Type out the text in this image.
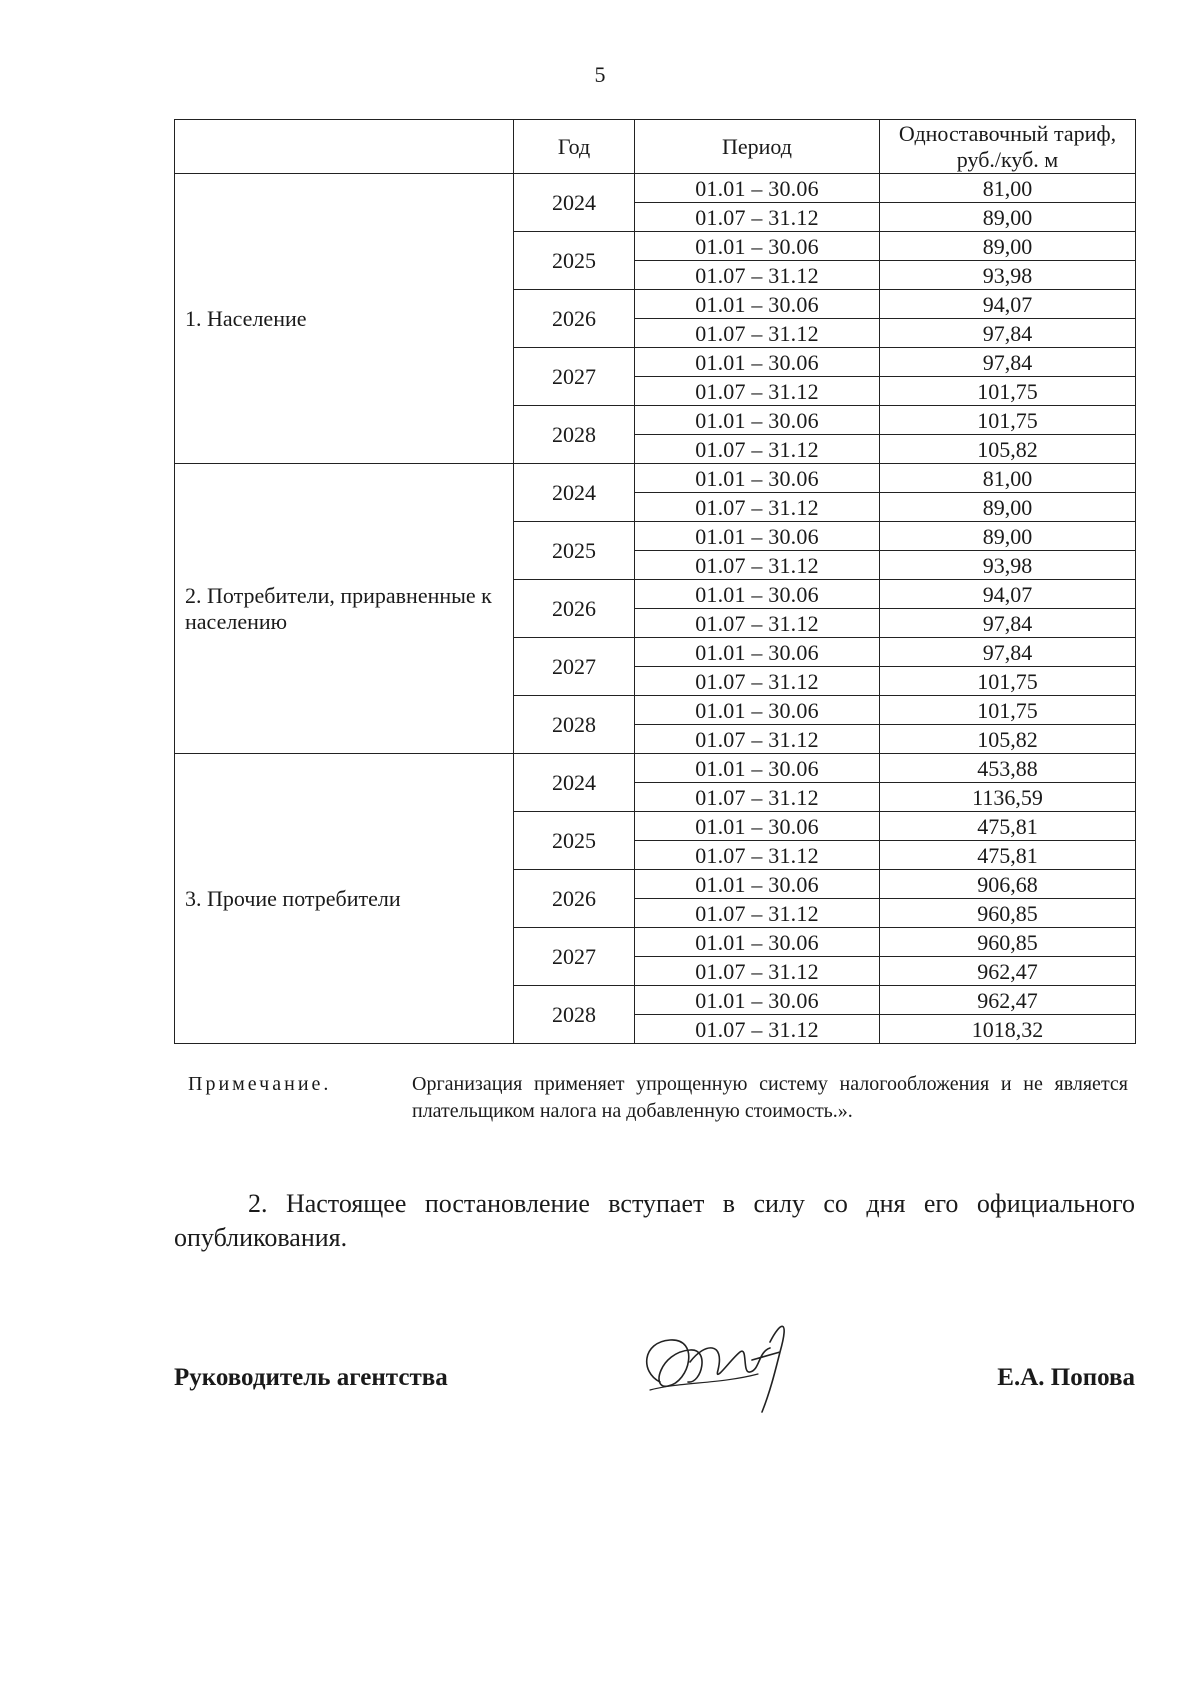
5
	Год	Период	Одноставочный тариф, руб./куб. м
1. Население	2024	01.01 – 30.06	81,00
		01.07 – 31.12	89,00
	2025	01.01 – 30.06	89,00
		01.07 – 31.12	93,98
	2026	01.01 – 30.06	94,07
		01.07 – 31.12	97,84
	2027	01.01 – 30.06	97,84
		01.07 – 31.12	101,75
	2028	01.01 – 30.06	101,75
		01.07 – 31.12	105,82
2. Потребители, приравненные к населению	2024	01.01 – 30.06	81,00
		01.07 – 31.12	89,00
	2025	01.01 – 30.06	89,00
		01.07 – 31.12	93,98
	2026	01.01 – 30.06	94,07
		01.07 – 31.12	97,84
	2027	01.01 – 30.06	97,84
		01.07 – 31.12	101,75
	2028	01.01 – 30.06	101,75
		01.07 – 31.12	105,82
3. Прочие потребители	2024	01.01 – 30.06	453,88
		01.07 – 31.12	1136,59
	2025	01.01 – 30.06	475,81
		01.07 – 31.12	475,81
	2026	01.01 – 30.06	906,68
		01.07 – 31.12	960,85
	2027	01.01 – 30.06	960,85
		01.07 – 31.12	962,47
	2028	01.01 – 30.06	962,47
		01.07 – 31.12	1018,32
Примечание.	Организация применяет упрощенную систему налогообложения и не является плательщиком налога на добавленную стоимость.».
2. Настоящее постановление вступает в силу со дня его официального опубликования.
Руководитель агентства	Е.А. Попова
